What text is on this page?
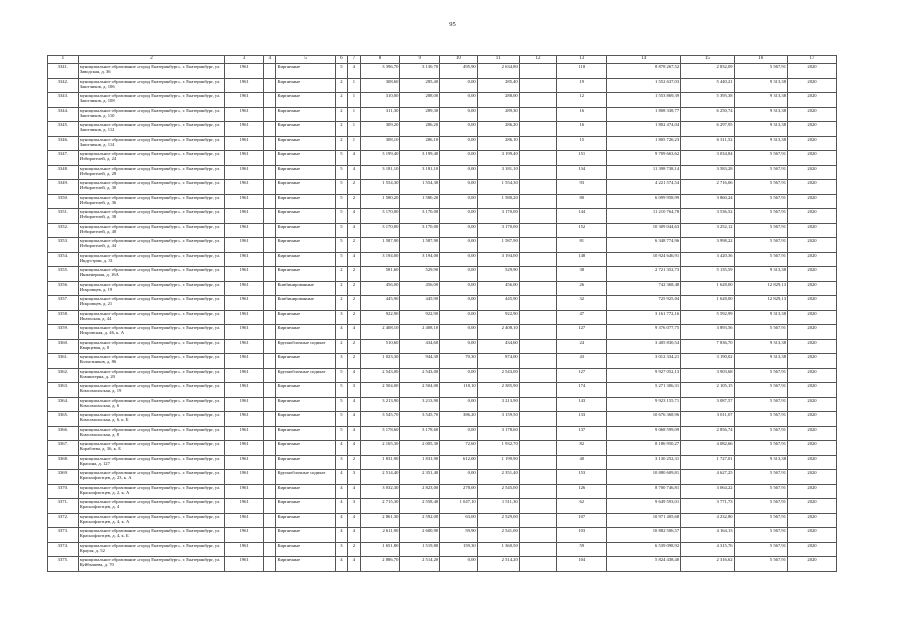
95
1	2	3	4	5	6	7	8	9	10	11	12	13	14	15	16	17
3341.	муниципальное образование «город Екатеринбург», г. Екатеринбург, ул. Заводская, д. 36	1961		Кирпичные	5	4	3 396,70	3 130,70	495,90	2 634,80		118	8 878 267,52	2 832,09	5 567,91	2020
3342.	муниципальное образование «город Екатеринбург», г. Екатеринбург, ул. Заштчиков, д. 106	1961		Кирпичные	2	1	308,60	285,40	0,00	285,40		19	1 552 637,03	5 440,21	9 313,38	2020
3343.	муниципальное образование «город Екатеринбург», г. Екатеринбург, ул. Заштчиков, д. 108	1961		Кирпичные	2	1	310,00	288,00	0,00	288,00		12	1 553 869,39	5 395,38	9 313,38	2020
3344.	муниципальное образование «город Екатеринбург», г. Екатеринбург, ул. Заштчиков, д. 110	1961		Кирпичные	2	1	311,30	289,30	0,00	289,30		16	1 808 338,77	6 250,74	9 313,38	2020
3345.	муниципальное образование «город Екатеринбург», г. Екатеринбург, ул. Заштчиков, д. 112	1961		Кирпичные	2	1	309,20	286,20	0,00	286,20		16	1 802 474,04	6 297,95	9 313,38	2020
3346.	муниципальное образование «город Екатеринбург», г. Екатеринбург, ул. Заштчиков, д. 114	1961		Кирпичные	2	1	308,10	286,10	0,00	286,10		15	1 805 726,23	6 311,52	9 313,38	2020
3347.	муниципальное образование «город Екатеринбург», г. Екатеринбург, ул. Избирателей, д. 24	1961		Кирпичные	5	4	3 199,40	3 199,40	0,00	3 199,40		151	9 709 663,62	3 034,84	5 567,91	2020
3348.	муниципальное образование «город Екатеринбург», г. Екатеринбург, ул. Избирателей, д. 28	1961		Кирпичные	5	4	3 181,10	3 181,10	0,00	3 181,10		134	11 398 738,14	3 583,28	5 567,91	2020
3349.	муниципальное образование «город Екатеринбург», г. Екатеринбург, ул. Избирателей, д. 30	1961		Кирпичные	5	2	1 554,30	1 554,30	0,00	1 554,30		93	4 221 574,54	2 716,06	5 567,91	2020
3350.	муниципальное образование «город Екатеринбург», г. Екатеринбург, ул. Избирателей, д. 36	1961		Кирпичные	5	2	1 580,20	1 580,20	0,00	1 580,20		80	6 099 958,99	3 860,24	5 567,91	2020
3351.	муниципальное образование «город Екатеринбург», г. Екатеринбург, ул. Избирателей, д. 38	1961		Кирпичные	5	4	3 170,00	3 170,00	0,00	3 170,00		144	11 210 764,78	3 536,52	5 567,91	2020
3352.	муниципальное образование «город Екатеринбург», г. Екатеринбург, ул. Избирателей, д. 40	1961		Кирпичные	5	4	3 170,00	3 170,00	0,00	3 170,00		152	10 309 044,63	3 252,12	5 567,91	2020
3353.	муниципальное образование «город Екатеринбург», г. Екатеринбург, ул. Избирателей, д. 44	1961		Кирпичные	5	2	1 587,90	1 587,90	0,00	1 587,90		81	6 348 774,96	3 998,22	5 567,91	2020
3354.	муниципальное образование «город Екатеринбург», г. Екатеринбург, ул. Индустрии, д. 31	1961		Кирпичные	5	4	3 194,00	3 194,00	0,00	3 194,00		148	10 924 646,91	3 420,36	5 567,91	2020
3355.	муниципальное образование «город Екатеринбург», г. Екатеринбург, ул. Инженерная, д. 16А	1961		Кирпичные	2	2	581,60	529,90	0,00	529,90		38	2 721 352,73	5 135,59	9 313,38	2020
3356.	муниципальное образование «город Екатеринбург», г. Екатеринбург, ул. Искровцев, д. 19	1961		Комбинированные	2	2	456,00	456,00	0,00	456,00		26	742 368,48	1 628,00	12 829,13	2020
3357.	муниципальное образование «город Екатеринбург», г. Екатеринбург, ул. Искровцев, д. 21	1961		Комбинированные	2	2	445,90	445,90	0,00	445,90		32	725 925,04	1 628,00	12 829,13	2020
3358.	муниципальное образование «город Екатеринбург», г. Екатеринбург, ул. Ипатьская, д. 44	1961		Кирпичные	3	2	922,90	922,90	0,00	922,90		47	3 161 772,16	5 592,99	9 313,38	2020
3359.	муниципальное образование «город Екатеринбург», г. Екатеринбург, ул. Искровская, д. 46, к. А	1961		Кирпичные	4	4	2 408,10	2 408,10	0,00	2 408,10		127	9 376 077,75	3 893,56	5 567,91	2020
3360.	муниципальное образование «город Екатеринбург», г. Екатеринбург, ул. Кварцевая, д. 8	1961		Крупноблочные сидикат	2	2	510,60	434,60	0,00	434,60		24	3 405 830,54	7 836,70	9 313,38	2020
3361.	муниципальное образование «город Екатеринбург», г. Екатеринбург, ул. Колхозников, д. 86	1961		Кирпичные	3	2	1 023,30	944,30	70,30	874,00		43	3 012 334,21	3 190,02	9 313,38	2020
3362.	муниципальное образование «город Екатеринбург», г. Екатеринбург, ул. Коминтерна, д. 20	1961		Крупноблочные сидикат	5	4	2 543,00	2 543,00	0,00	2 543,00		127	9 927 052,13	3 903,68	5 567,91	2020
3363.	муниципальное образование «город Екатеринбург», г. Екатеринбург, ул. Комсомольская, д. 19	1961		Кирпичные	5	3	2 504,00	2 504,00	118,10	2 385,90		174	5 271 306,31	2 105,15	5 567,91	2020
3364.	муниципальное образование «город Екатеринбург», г. Екатеринбург, ул. Комсомольская, д. 6	1961		Кирпичные	5	4	3 213,90	3 213,90	0,00	3 213,90		143	9 923 155,71	3 087,57	5 567,91	2020
3365.	муниципальное образование «город Екатеринбург», г. Екатеринбург, ул. Комсомольская, д. 6, к. Б	1961		Кирпичные	5	4	3 545,70	3 545,70	386,20	3 159,50		133	10 676 368,96	3 011,07	5 567,91	2020
3366.	муниципальное образование «город Екатеринбург», г. Екатеринбург, ул. Комсомольская, д. 8	1961		Кирпичные	5	4	3 178,60	3 178,60	0,00	3 178,60		137	9 068 599,09	2 856,74	5 567,91	2020
3367.	муниципальное образование «город Екатеринбург», г. Екатеринбург, ул. Кораблева, д. 36, к. Б	1961		Кирпичные	4	4	2 165,30	2 005,30	72,60	1 932,70		82	8 186 950,27	4 082,66	5 567,91	2020
3368.	муниципальное образование «город Екатеринбург», г. Екатеринбург, ул. Красина, д. 127	1961		Кирпичные	3	2	1 831,90	1 831,90	612,00	1 199,90		40	3 130 252,31	1 727,01	9 313,38	2020
3369.	муниципальное образование «город Екатеринбург», г. Екатеринбург, ул. Краснофлотцев, д. 23, к. А	1961		Крупноблочные сидикат	4	3	2 514,40	2 351,40	0,00	2 351,40		153	10 880 609,81	4 627,25	5 567,91	2020
3370.	муниципальное образование «город Екатеринбург», г. Екатеринбург, ул. Краснофлотцев, д. 2, к. А	1961		Кирпичные	4	4	3 032,30	2 823,00	278,00	2 545,00		126	8 700 746,81	3 064,22	5 567,91	2020
3371.	муниципальное образование «город Екатеринбург», г. Екатеринбург, ул. Краснофлотцев, д. 4	1961		Кирпичные	4	3	2 715,30	2 558,40	1 047,10	1 511,30		62	9 649 593,01	3 771,73	5 567,91	2020
3372.	муниципальное образование «город Екатеринбург», г. Екатеринбург, ул. Краснофлотцев, д. 4, к. А	1961		Кирпичные	4	4	2 861,30	2 592,00	63,00	2 529,00		107	10 971 405,68	4 232,80	5 567,91	2020
3373.	муниципальное образование «город Екатеринбург», г. Екатеринбург, ул. Краснофлотцев, д. 4, к. Б	1961		Кирпичные	4	4	2 611,90	2 600,90	59,90	2 541,00		103	10 882 506,57	4 164,13	5 567,91	2020
3374.	муниципальное образование «город Екатеринбург», г. Екатеринбург, ул. Крауля, д. 52	1961		Кирпичные	3	2	1 651,80	1 519,80	159,30	1 360,50		59	6 539 098,92	4 315,76	5 567,91	2020
3375.	муниципальное образование «город Екатеринбург», г. Екатеринбург, ул. Куйбышева, д. 70	1961		Кирпичные	4	4	2 886,70	2 514,20	0,00	2 514,20		104	5 824 438,40	2 316,62	5 567,91	2020
